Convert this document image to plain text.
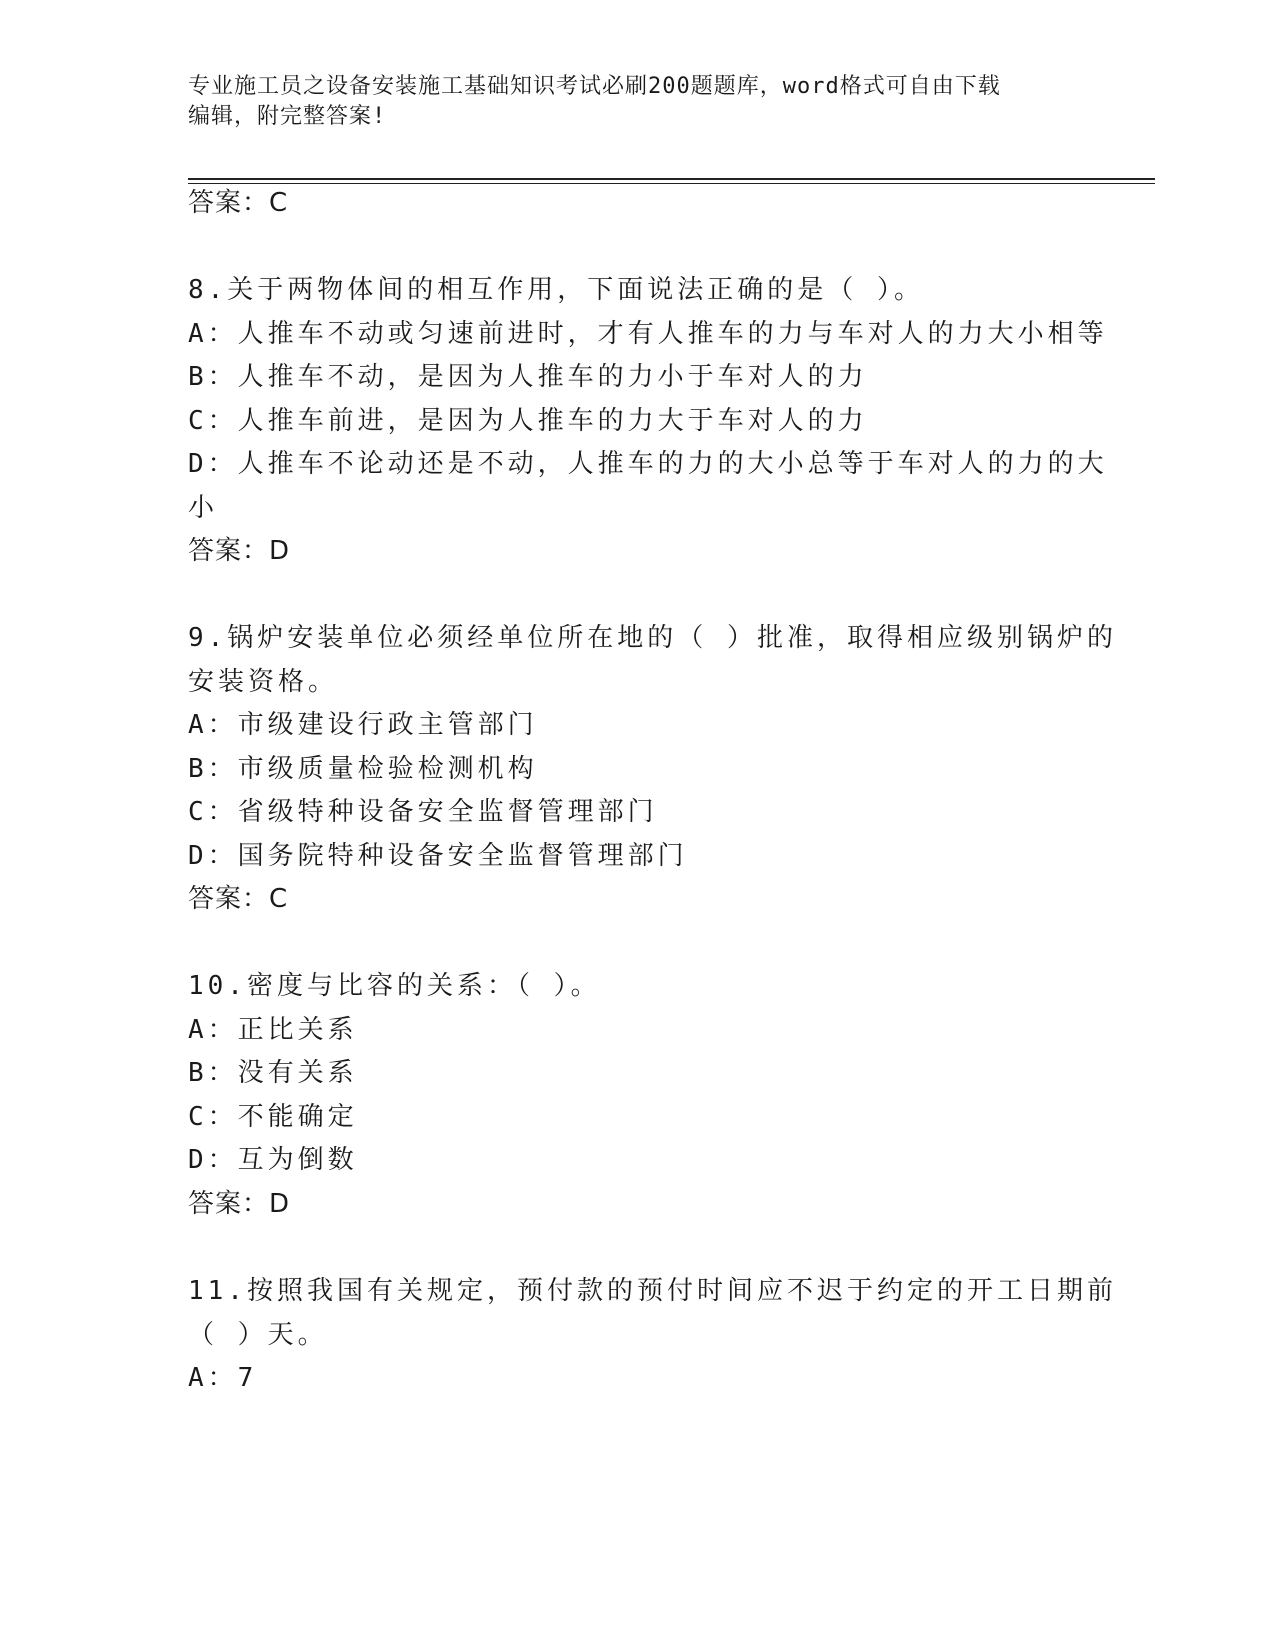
专业施工员之设备安装施工基础知识考试必刷200题题库，word格式可自由下载
编辑，附完整答案!
答案：C
8.关于两物体间的相互作用，下面说法正确的是（ ）。
A：人推车不动或匀速前进时，才有人推车的力与车对人的力大小相等
B：人推车不动，是因为人推车的力小于车对人的力
C：人推车前进，是因为人推车的力大于车对人的力
D：人推车不论动还是不动，人推车的力的大小总等于车对人的力的大
小
答案：D
9.锅炉安装单位必须经单位所在地的（ ）批准，取得相应级别锅炉的
安装资格。
A：市级建设行政主管部门
B：市级质量检验检测机构
C：省级特种设备安全监督管理部门
D：国务院特种设备安全监督管理部门
答案：C
10.密度与比容的关系：（ ）。
A：正比关系
B：没有关系
C：不能确定
D：互为倒数
答案：D
11.按照我国有关规定，预付款的预付时间应不迟于约定的开工日期前
（ ）天。
A：7
